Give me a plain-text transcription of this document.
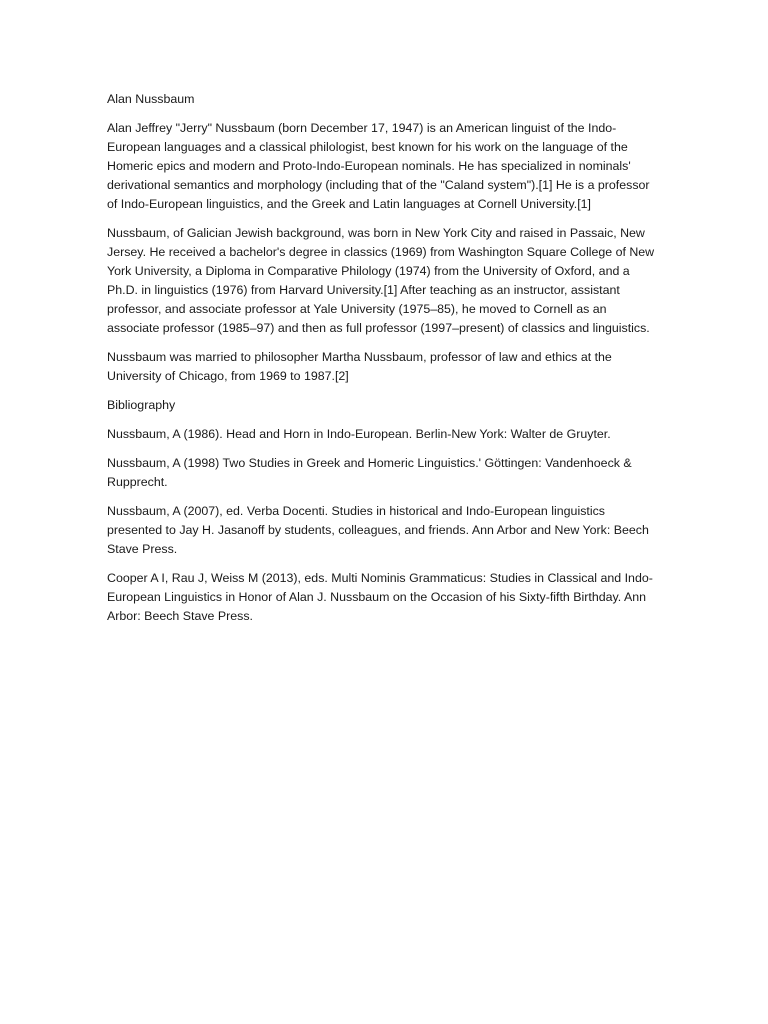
Alan Nussbaum

Alan Jeffrey "Jerry" Nussbaum (born December 17, 1947) is an American linguist of the Indo-European languages and a classical philologist, best known for his work on the language of the Homeric epics and modern and Proto-Indo-European nominals. He has specialized in nominals' derivational semantics and morphology (including that of the "Caland system").[1] He is a professor of Indo-European linguistics, and the Greek and Latin languages at Cornell University.[1]

Nussbaum, of Galician Jewish background, was born in New York City and raised in Passaic, New Jersey. He received a bachelor's degree in classics (1969) from Washington Square College of New York University, a Diploma in Comparative Philology (1974) from the University of Oxford, and a Ph.D. in linguistics (1976) from Harvard University.[1] After teaching as an instructor, assistant professor, and associate professor at Yale University (1975–85), he moved to Cornell as an associate professor (1985–97) and then as full professor (1997–present) of classics and linguistics.

Nussbaum was married to philosopher Martha Nussbaum, professor of law and ethics at the University of Chicago, from 1969 to 1987.[2]

Bibliography

Nussbaum, A (1986). Head and Horn in Indo-European. Berlin-New York: Walter de Gruyter.

Nussbaum, A (1998) Two Studies in Greek and Homeric Linguistics.' Göttingen: Vandenhoeck & Rupprecht.

Nussbaum, A (2007), ed. Verba Docenti. Studies in historical and Indo-European linguistics presented to Jay H. Jasanoff by students, colleagues, and friends. Ann Arbor and New York: Beech Stave Press.

Cooper A I, Rau J, Weiss M (2013), eds. Multi Nominis Grammaticus: Studies in Classical and Indo-European Linguistics in Honor of Alan J. Nussbaum on the Occasion of his Sixty-fifth Birthday. Ann Arbor: Beech Stave Press.
